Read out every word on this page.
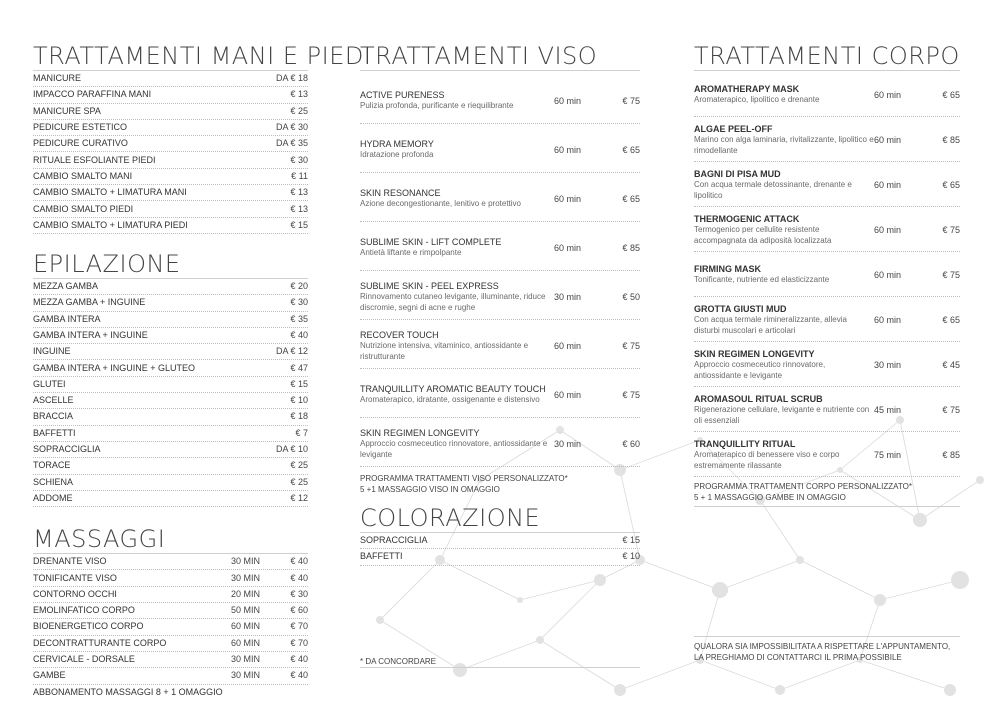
TRATTAMENTI MANI E PIEDI
MANICURE	DA € 18
IMPACCO PARAFFINA MANI	€ 13
MANICURE SPA	€ 25
PEDICURE ESTETICO	DA € 30
PEDICURE CURATIVO	DA € 35
RITUALE ESFOLIANTE PIEDI	€ 30
CAMBIO SMALTO MANI	€ 11
CAMBIO SMALTO + LIMATURA MANI	€ 13
CAMBIO SMALTO PIEDI	€ 13
CAMBIO SMALTO + LIMATURA PIEDI	€ 15
EPILAZIONE
MEZZA GAMBA	€ 20
MEZZA GAMBA + INGUINE	€ 30
GAMBA INTERA	€ 35
GAMBA INTERA + INGUINE	€ 40
INGUINE	DA € 12
GAMBA INTERA + INGUINE + GLUTEO	€ 47
GLUTEI	€ 15
ASCELLE	€ 10
BRACCIA	€ 18
BAFFETTI	€ 7
SOPRACCIGLIA	DA € 10
TORACE	€ 25
SCHIENA	€ 25
ADDOME	€ 12
MASSAGGI
DRENANTE VISO	30 MIN	€ 40
TONIFICANTE VISO	30 MIN	€ 40
CONTORNO OCCHI	20 MIN	€ 30
EMOLINFATICO CORPO	50 MIN	€ 60
BIOENERGETICO CORPO	60 MIN	€ 70
DECONTRATTURANTE CORPO	60 MIN	€ 70
CERVICALE - DORSALE	30 MIN	€ 40
GAMBE	30 MIN	€ 40
ABBONAMENTO MASSAGGI 8 + 1 OMAGGIO
TRATTAMENTI VISO
ACTIVE PURENESS
Pulizia profonda, purificante e riequilibrante	60 min	€ 75
HYDRA MEMORY
Idratazione profonda	60 min	€ 65
SKIN RESONANCE
Azione decongestionante, lenitivo e protettivo	60 min	€ 65
SUBLIME SKIN - LIFT COMPLETE
Antietà liftante e rimpolpante	60 min	€ 85
SUBLIME SKIN - PEEL EXPRESS
Rinnovamento cutaneo levigante, illuminante, riduce discromie, segni di acne e rughe
30 min	€ 50
RECOVER TOUCH
Nutrizione intensiva, vitaminico, antiossidante e ristrutturante
60 min	€ 75
TRANQUILLITY AROMATIC BEAUTY TOUCH
Aromaterapico, idratante, ossigenante e distensivo	60 min	€ 75
SKIN REGIMEN LONGEVITY
Approccio cosmeceutico rinnovatore, antiossidante e levigante
30 min	€ 60
PROGRAMMA TRATTAMENTI VISO PERSONALIZZATO*
5 +1 MASSAGGIO VISO IN OMAGGIO
COLORAZIONE
SOPRACCIGLIA	€ 15
BAFFETTI	€ 10
* DA CONCORDARE
TRATTAMENTI CORPO
AROMATHERAPY MASK
Aromaterapico, lipolitico e drenante	60 min	€ 65
ALGAE PEEL-OFF
Marino con alga laminaria, rivitalizzante, lipolitico e rimodellante
60 min	€ 85
BAGNI DI PISA MUD
Con acqua termale detossinante, drenante e lipolitico
60 min	€ 65
THERMOGENIC ATTACK
Termogenico per cellulite resistente accompagnata da adiposità localizzata
60 min	€ 75
FIRMING MASK
Tonificante, nutriente ed elasticizzante	60 min	€ 75
GROTTA GIUSTI MUD
Con acqua termale rimineralizzante, allevia disturbi muscolari e articolari
60 min	€ 65
SKIN REGIMEN LONGEVITY
Approccio cosmeceutico rinnovatore, antiossidante e levigante
30 min	€ 45
AROMASOUL RITUAL SCRUB
Rigenerazione cellulare, levigante e nutriente con oli essenziali
45 min	€ 75
TRANQUILLITY RITUAL
Aromaterapico di benessere viso e corpo estremamente rilassante
75 min	€ 85
PROGRAMMA TRATTAMENTI CORPO PERSONALIZZATO*
5 + 1 MASSAGGIO GAMBE IN OMAGGIO
QUALORA SIA IMPOSSIBILITATA A RISPETTARE L'APPUNTAMENTO,
LA PREGHIAMO DI CONTATTARCI IL PRIMA POSSIBILE
